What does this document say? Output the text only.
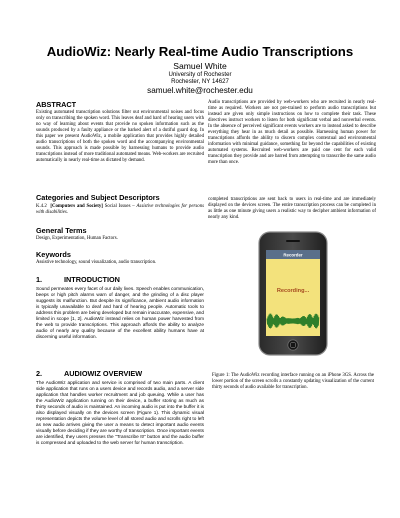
AudioWiz: Nearly Real-time Audio Transcriptions
Samuel White
University of Rochester
Rochester, NY 14627
samuel.white@rochester.edu
ABSTRACT
Existing automated transcription solutions filter out environmental noises and focus only on transcribing the spoken word. This leaves deaf and hard of hearing users with no way of learning about events that provide no spoken information such as the sounds produced by a faulty appliance or the barked alert of a dutiful guard dog. In this paper we present AudioWiz, a mobile application that provides highly detailed audio transcriptions of both the spoken word and the accompanying environmental sounds. This approach is made possible by harnessing humans to provide audio transcriptions instead of more traditional automated means. Web-workers are recruited automatically in nearly real-time as dictated by demand.
Categories and Subject Descriptors
K.4.2 [Computers and Society] Social Issues – Assistive technologies for persons with disabilities.
General Terms
Design, Experimentation, Human Factors.
Keywords
Assistive technology, sound visualization, audio transcription.
1.	INTRODUCTION
Sound permeates every facet of our daily lives. Speech enables communication, beeps or high pitch alarms warn of danger, and the grinding of a disc player suggests its malfunction. But despite its significance, ambient audio information is typically unavailable to deaf and hard of hearing people. Automatic tools to address this problem are being developed but remain inaccurate, expensive, and limited in scope [1, 2]. AudioWiz instead relies on human power harvested from the web to provide transcriptions. This approach affords the ability to analyze audio of nearly any quality because of the excellent ability humans have at discerning useful information.
2.	AUDIOWIZ OVERVIEW
The AudioWiz application and service is comprised of two main parts. A client side application that runs on a users device and records audio, and a server side application that handles worker recruitment and job queuing. While a user has the AudioWiz application running on their device, a buffer storing as much as thirty seconds of audio is maintained. An incoming audio is put into the buffer it is also displayed visually on the devices screen (Figure 1). This dynamic visual representation depicts the volume level of all stored audio and scrolls right to left as new audio arrives giving the user a means to detect important audio events visually before deciding if they are worthy of transcription. Once important events are identified, they users presses the “Transcribe It!” button and the audio buffer is compressed and uploaded to the web server for human transcription.
Audio transcriptions are provided by web-workers who are recruited in nearly real-time as required. Workers are not pre-trained to perform audio transcriptions but instead are given only simple instructions on how to complete their task. These directives instruct workers to listen for both significant verbal and nonverbal events. In the absence of perceived significant events workers are to instead asked to describe everything they hear in as much detail as possible. Harnessing human power for transcriptions affords the ability to discern complex contextual and environmental information with minimal guidance, something far beyond the capabilities of existing automated systems. Recruited web-workers are paid one cent for each valid transcription they provide and are barred from attempting to transcribe the same audio more than once.
completed transcriptions are sent back to users in real-time and are immediately displayed on the devices screen. The entire transcription process can be completed in as little as one minute giving users a realistic way to decipher ambient information of nearly any kind.
Recorder
Recording...
Figure 1: The AudioWiz recording interface running on an iPhone 3GS. Across the lower portion of the screen scrolls a constantly updating visualization of the current thirty seconds of audio available for transcription.
